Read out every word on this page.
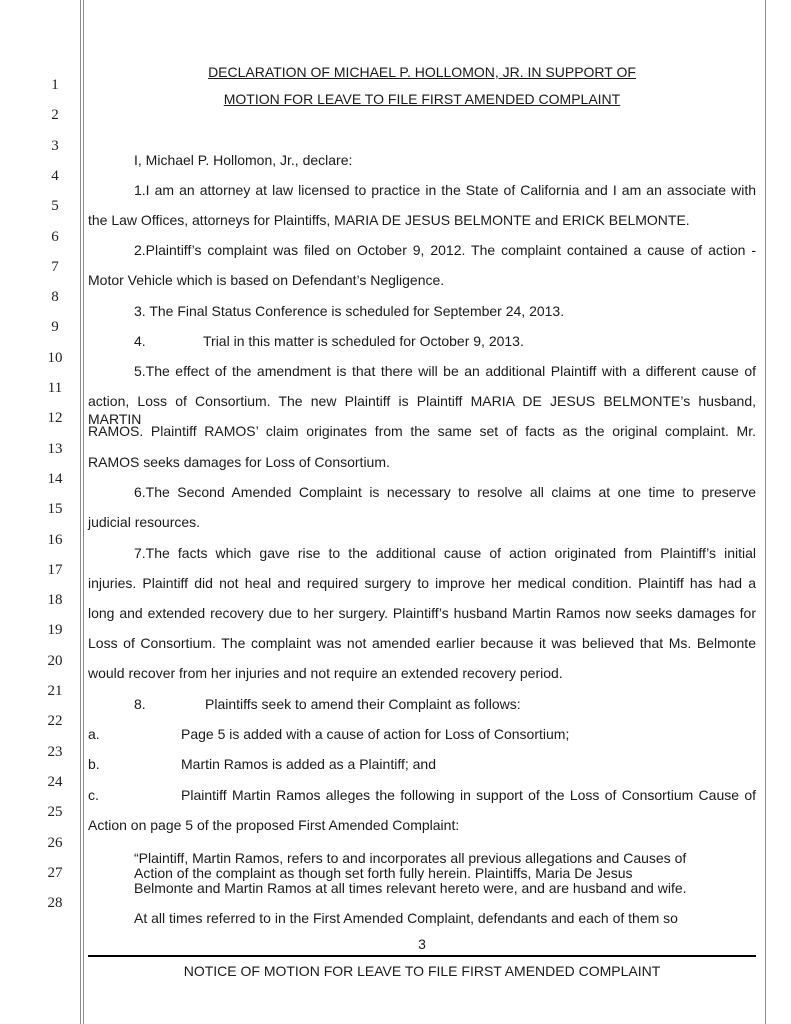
1
2
3
4
5
6
7
8
9
10
11
12
13
14
15
16
17
18
19
20
21
22
23
24
25
26
27
28
DECLARATION OF MICHAEL P. HOLLOMON, JR. IN SUPPORT OF
MOTION FOR LEAVE TO FILE FIRST AMENDED COMPLAINT
I, Michael P. Hollomon, Jr., declare:
1.I am an attorney at law licensed to practice in the State of California and I am an associate with
the Law Offices, attorneys for Plaintiffs, MARIA DE JESUS BELMONTE and ERICK BELMONTE.
2.Plaintiff’s complaint was filed on October 9, 2012. The complaint contained a cause of action -
Motor Vehicle which is based on Defendant’s Negligence.
3. The Final Status Conference is scheduled for September 24, 2013.
4.	Trial in this matter is scheduled for October 9, 2013.
5.The effect of the amendment is that there will be an additional Plaintiff with a different cause of
action, Loss of Consortium. The new Plaintiff is Plaintiff MARIA DE JESUS BELMONTE’s husband, MARTIN
RAMOS. Plaintiff RAMOS’ claim originates from the same set of facts as the original complaint. Mr.
RAMOS seeks damages for Loss of Consortium.
6.The Second Amended Complaint is necessary to resolve all claims at one time to preserve
judicial resources.
7.The facts which gave rise to the additional cause of action originated from Plaintiff’s initial
injuries. Plaintiff did not heal and required surgery to improve her medical condition. Plaintiff has had a
long and extended recovery due to her surgery. Plaintiff’s husband Martin Ramos now seeks damages for
Loss of Consortium. The complaint was not amended earlier because it was believed that Ms. Belmonte
would recover from her injuries and not require an extended recovery period.
8.	Plaintiffs seek to amend their Complaint as follows:
a.	Page 5 is added with a cause of action for Loss of Consortium;
b.	Martin Ramos is added as a Plaintiff; and
c.	Plaintiff Martin Ramos alleges the following in support of the Loss of Consortium Cause of
Action on page 5 of the proposed First Amended Complaint:
“Plaintiff, Martin Ramos, refers to and incorporates all previous allegations and Causes of
Action of the complaint as though set forth fully herein. Plaintiffs, Maria De Jesus
Belmonte and Martin Ramos at all times relevant hereto were, and are husband and wife.
At all times referred to in the First Amended Complaint, defendants and each of them so
3
NOTICE OF MOTION FOR LEAVE TO FILE FIRST AMENDED COMPLAINT
